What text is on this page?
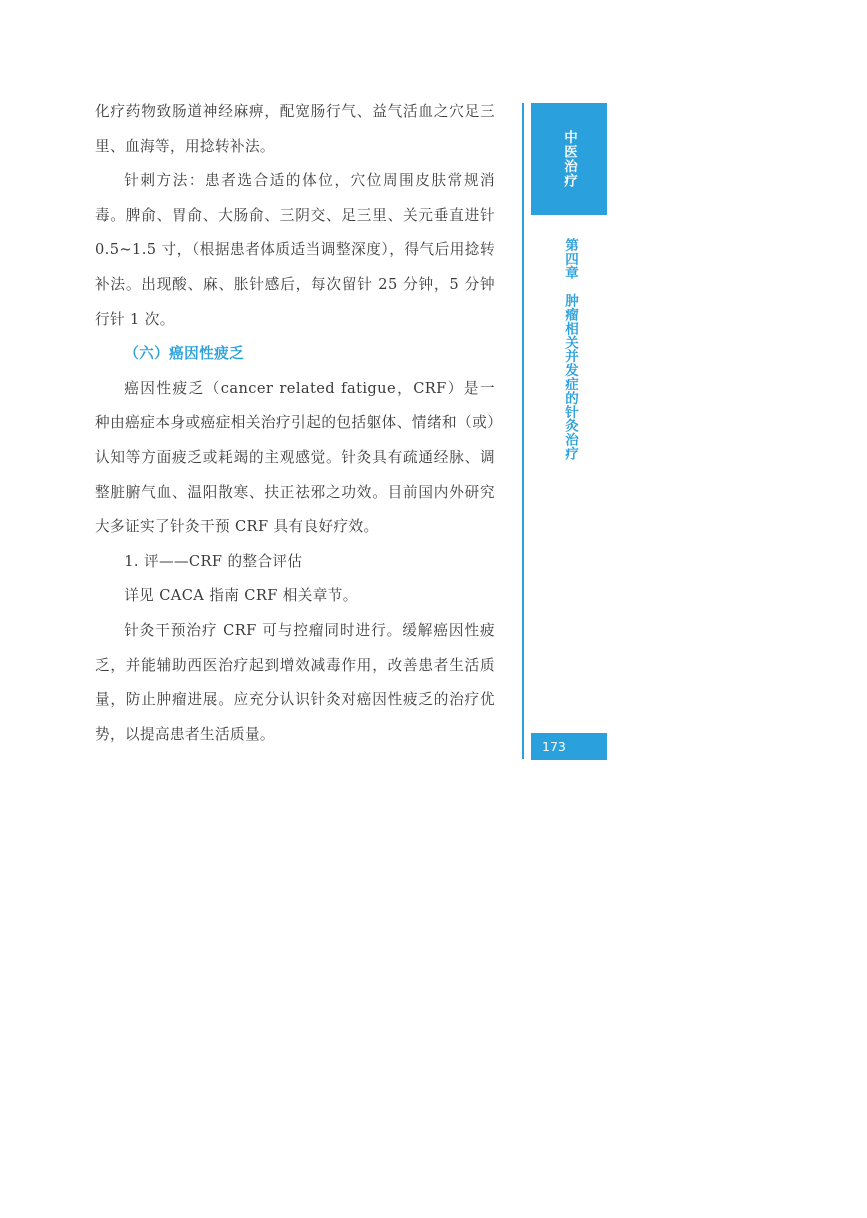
化疗药物致肠道神经麻痹，配宽肠行气、益气活血之穴足三里、血海等，用捻转补法。

针刺方法：患者选合适的体位，穴位周围皮肤常规消毒。脾俞、胃俞、大肠俞、三阴交、足三里、关元垂直进针 0.5~1.5 寸，（根据患者体质适当调整深度），得气后用捻转补法。出现酸、麻、胀针感后，每次留针 25 分钟，5 分钟行针 1 次。

（六）癌因性疲乏

癌因性疲乏（cancer related fatigue，CRF）是一种由癌症本身或癌症相关治疗引起的包括躯体、情绪和（或）认知等方面疲乏或耗竭的主观感觉。针灸具有疏通经脉、调整脏腑气血、温阳散寒、扶正祛邪之功效。目前国内外研究大多证实了针灸干预 CRF 具有良好疗效。

1. 评——CRF 的整合评估

详见 CACA 指南 CRF 相关章节。

针灸干预治疗 CRF 可与控瘤同时进行。缓解癌因性疲乏，并能辅助西医治疗起到增效减毒作用，改善患者生活质量，防止肿瘤进展。应充分认识针灸对癌因性疲乏的治疗优势，以提高患者生活质量。

中医治疗
第四章肿瘤相关并发症的针灸治疗
173
